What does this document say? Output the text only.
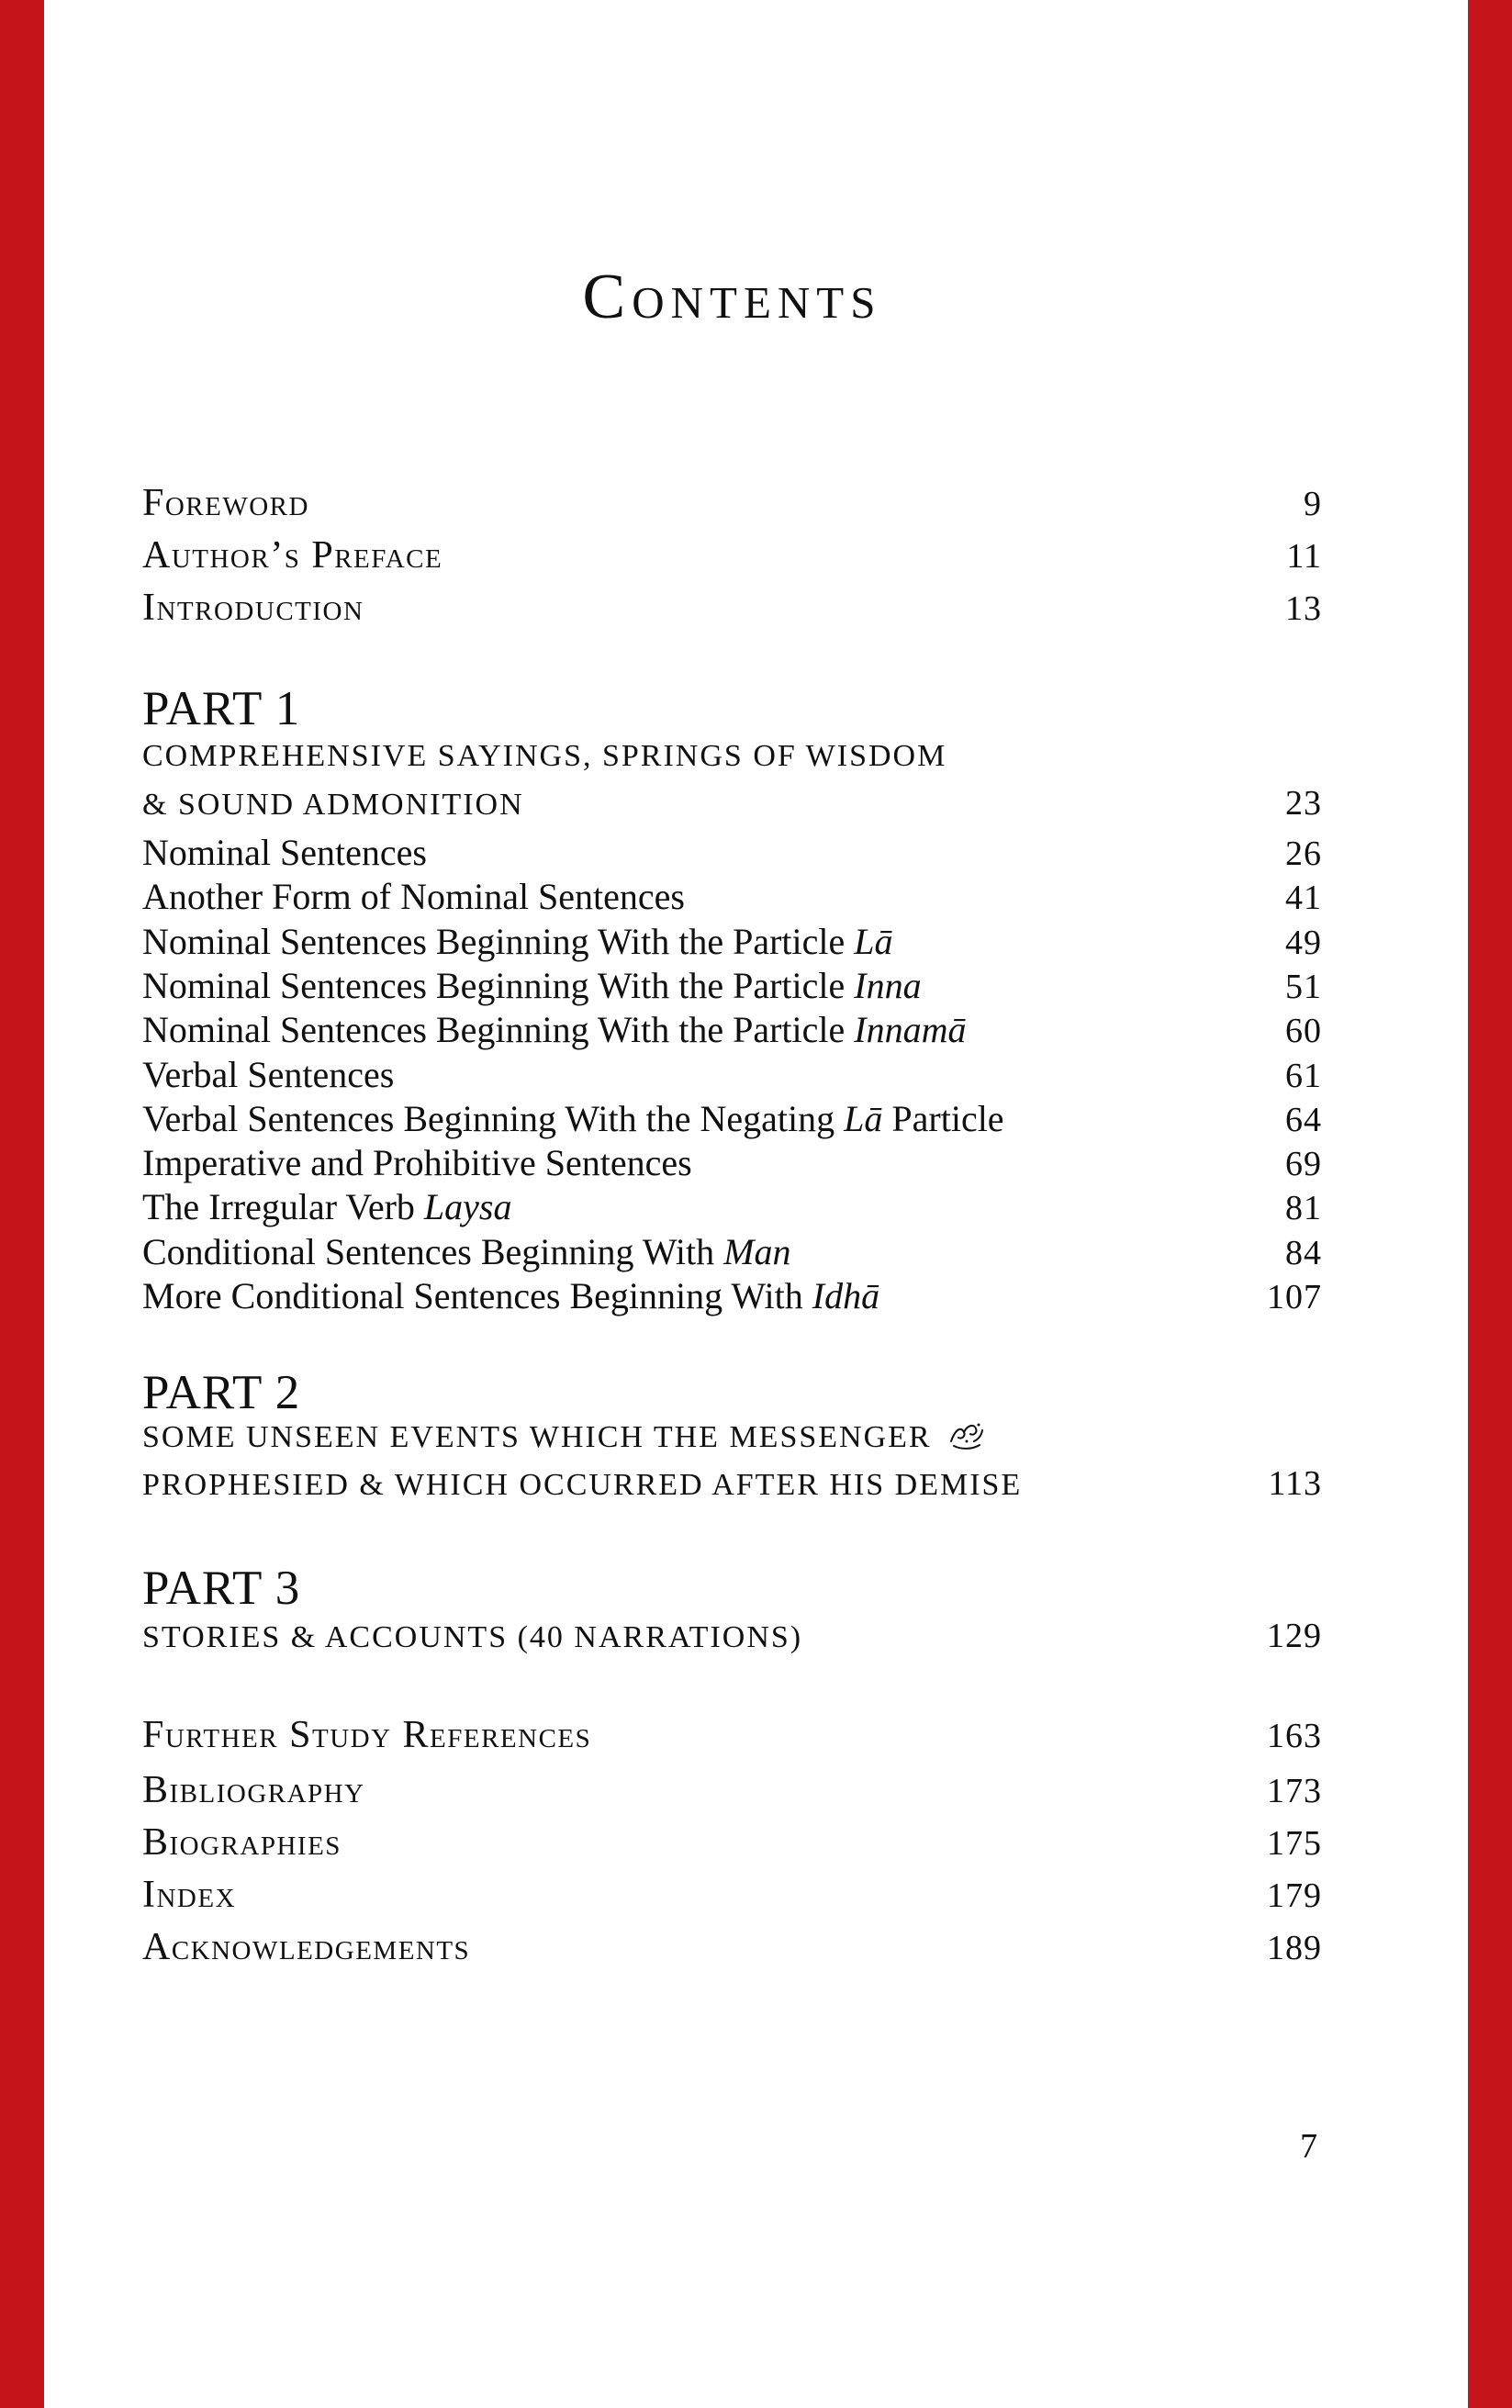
Contents
Foreword	9
Author’s Preface	11
Introduction	13
PART 1
COMPREHENSIVE SAYINGS, SPRINGS OF WISDOM
& SOUND ADMONITION	23
Nominal Sentences	26
Another Form of Nominal Sentences	41
Nominal Sentences Beginning With the Particle Lā	49
Nominal Sentences Beginning With the Particle Inna	51
Nominal Sentences Beginning With the Particle Innamā	60
Verbal Sentences	61
Verbal Sentences Beginning With the Negating Lā Particle	64
Imperative and Prohibitive Sentences	69
The Irregular Verb Laysa	81
Conditional Sentences Beginning With Man	84
More Conditional Sentences Beginning With Idhā	107
PART 2
SOME UNSEEN EVENTS WHICH THE MESSENGER
PROPHESIED & WHICH OCCURRED AFTER HIS DEMISE	113
PART 3
STORIES & ACCOUNTS (40 NARRATIONS)	129
Further Study References	163
Bibliography	173
Biographies	175
Index	179
Acknowledgements	189
7
